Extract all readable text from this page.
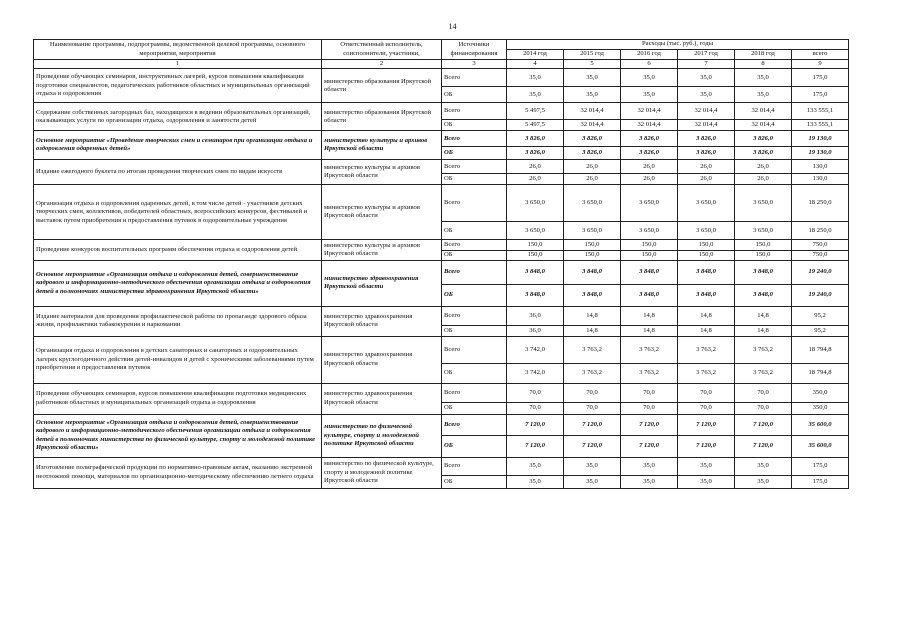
14
Наименование программы, подпрограммы, ведомственной целевой программы, основного мероприятия, мероприятия	Ответственный исполнитель, соисполнители, участники,	Источники финансирования	Расходы (тыс. руб.), годы					
			2014 год	2015 год	2016 год	2017 год	2018 год	всего
1	2	3	4	5	6	7	8	9
Проведение обучающих семинаров, инструктивных лагерей, курсов повышения квалификации подготовки специалистов, педагогических работников областных и муниципальных организаций отдыха и оздоровления	министерство образования Иркутской области	Всего	35,0	35,0	35,0	35,0	35,0	175,0
		ОБ	35,0	35,0	35,0	35,0	35,0	175,0
Содержание собственных загородных баз, находящихся в ведении образовательных организаций, оказывающих услуги по организации отдыха, оздоровления и занятости детей	министерство образования Иркутской области	Всего	5 497,5	32 014,4	32 014,4	32 014,4	32 014,4	133 555,1
		ОБ	5 497,5	32 014,4	32 014,4	32 014,4	32 014,4	133 555,1
Основное мероприятие «Проведение творческих смен и семинаров при организации отдыха и оздоровления одаренных детей»	министерство культуры и архивов Иркутской области	Всего	3 826,0	3 826,0	3 826,0	3 826,0	3 826,0	19 130,0
		ОБ	3 826,0	3 826,0	3 826,0	3 826,0	3 826,0	19 130,0
Издание ежегодного буклета по итогам проведения творческих смен по видам искусств	министерство культуры и архивов Иркутской области	Всего	26,0	26,0	26,0	26,0	26,0	130,0
		ОБ	26,0	26,0	26,0	26,0	26,0	130,0
Организация отдыха и оздоровления одаренных детей, в том числе детей - участников детских творческих смен, коллективов, победителей областных, всероссийских конкурсов, фестивалей и выставок путем приобретения и предоставления путевок в оздоровительные учреждения	министерство культуры и архивов Иркутской области	Всего	3 650,0	3 650,0	3 650,0	3 650,0	3 650,0	18 250,0
		ОБ	3 650,0	3 650,0	3 650,0	3 650,0	3 650,0	18 250,0
Проведение конкурсов воспитательных программ обеспечения отдыха и оздоровления детей	министерство культуры и архивов Иркутской области	Всего	150,0	150,0	150,0	150,0	150,0	750,0
		ОБ	150,0	150,0	150,0	150,0	150,0	750,0
Основное мероприятие «Организация отдыха и оздоровления детей, совершенствование кадрового и информационно-методического обеспечения организации отдыха и оздоровления детей в полномочиях министерства здравоохранения Иркутской области»	министерство здравоохранения Иркутской области	Всего	3 848,0	3 848,0	3 848,0	3 848,0	3 848,0	19 240,0
		ОБ	3 848,0	3 848,0	3 848,0	3 848,0	3 848,0	19 240,0
Издание материалов для проведения профилактической работы по пропаганде здорового образа жизни, профилактики табакокурения и наркомании	министерство здравоохранения Иркутской области	Всего	36,0	14,8	14,8	14,8	14,8	95,2
		ОБ	36,0	14,8	14,8	14,8	14,8	95,2
Организация отдыха и оздоровления в детских санаторных и санаторных и оздоровительных лагерях круглогодичного действия детей-инвалидов и детей с хроническими заболеваниями путем приобретения и предоставления путевок	министерство здравоохранения Иркутской области	Всего	3 742,0	3 763,2	3 763,2	3 763,2	3 763,2	18 794,8
		ОБ	3 742,0	3 763,2	3 763,2	3 763,2	3 763,2	18 794,8
Проведение обучающих семинаров, курсов повышения квалификации подготовки медицинских работников областных и муниципальных организаций отдыха и оздоровления	министерство здравоохранения Иркутской области	Всего	70,0	70,0	70,0	70,0	70,0	350,0
		ОБ	70,0	70,0	70,0	70,0	70,0	350,0
Основное мероприятие «Организация отдыха и оздоровления детей, совершенствование кадрового и информационно-методического обеспечения организации отдыха и оздоровления детей в полномочиях министерства по физической культуре, спорту и молодежной политике Иркутской области»	министерство по физической культуре, спорту и молодежной политике Иркутской области	Всего	7 120,0	7 120,0	7 120,0	7 120,0	7 120,0	35 600,0
		ОБ	7 120,0	7 120,0	7 120,0	7 120,0	7 120,0	35 600,0
Изготовление полиграфической продукции по нормативно-правовым актам, оказанию экстренной неотложной помощи, материалов по организационно-методическому обеспечению летнего отдыха	министерство по физической культуре, спорту и молодежной политике Иркутской области	Всего	35,0	35,0	35,0	35,0	35,0	175,0
		ОБ	35,0	35,0	35,0	35,0	35,0	175,0
